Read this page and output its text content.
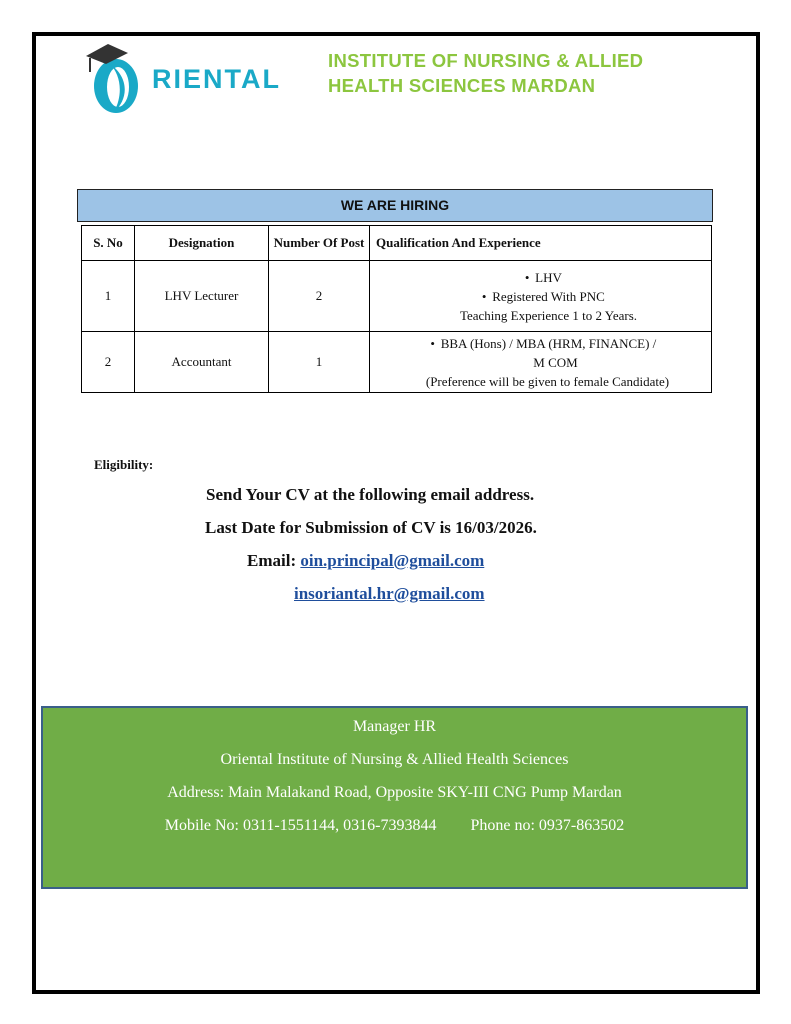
RIENTAL
INSTITUTE OF NURSING & ALLIED
HEALTH SCIENCES MARDAN
WE ARE HIRING
S. No	Designation	Number Of Post	Qualification And Experience
1	LHV Lecturer	2	• LHV
• Registered With PNC
Teaching Experience 1 to 2 Years.

2	Accountant	1	• BBA (Hons) / MBA (HRM, FINANCE) /
M COM
(Preference will be given to female Candidate)
Eligibility:
Send Your CV at the following email address.
Last Date for Submission of CV is 16/03/2026.
Email: oin.principal@gmail.com
insoriantal.hr@gmail.com
Manager HR
Oriental Institute of Nursing & Allied Health Sciences
Address: Main Malakand Road, Opposite SKY-III CNG Pump Mardan
Mobile No: 0311-1551144, 0316-7393844 Phone no: 0937-863502
